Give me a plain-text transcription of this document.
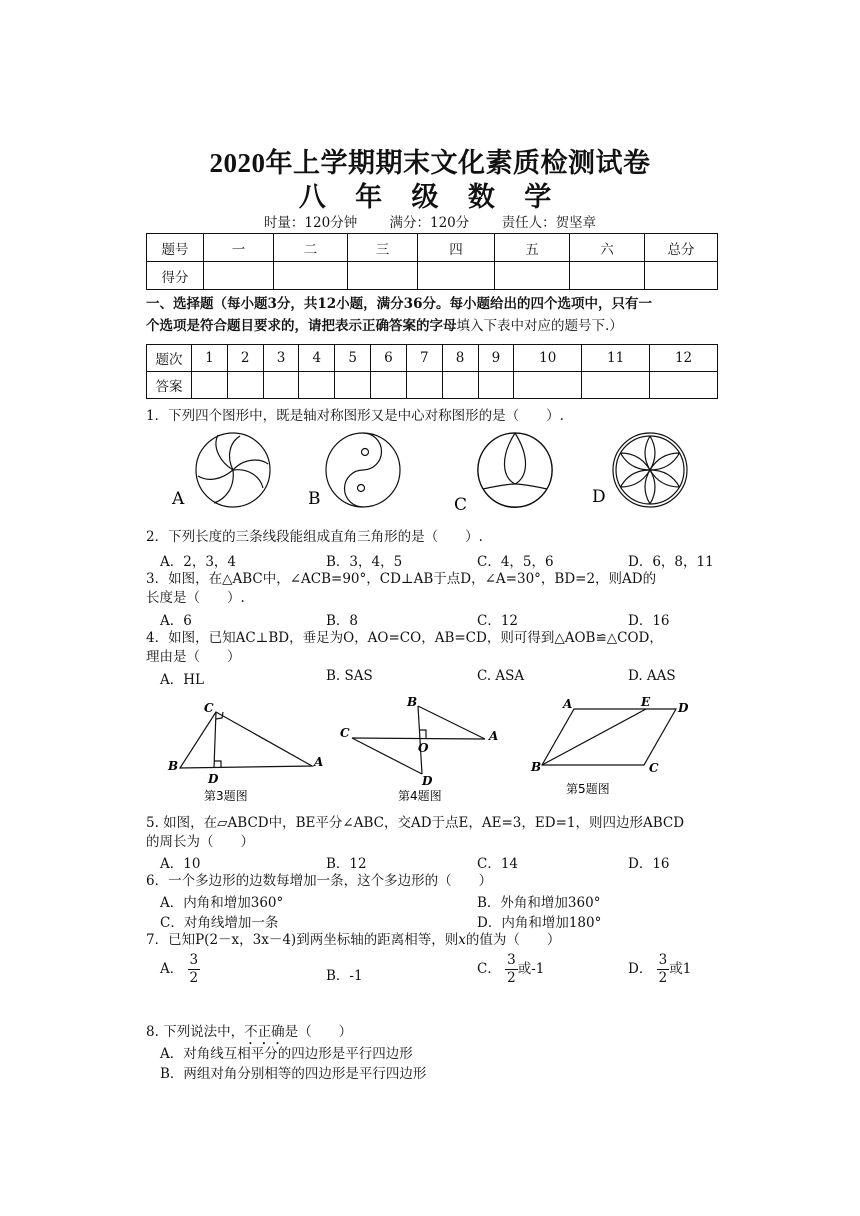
2020年上学期期末文化素质检测试卷
八 年 级 数 学
时量：120分钟 满分：120分 责任人：贺坚章
题号	一	二	三	四	五	六	总分
得分							
一、选择题（每小题3分，共12小题，满分36分。每小题给出的四个选项中，只有一
个选项是符合题目要求的，请把表示正确答案的字母填入下表中对应的题号下.）
题次	1	2	3	4	5	6	7	8	9	10	11	12
答案												
1．下列四个图形中，既是轴对称图形又是中心对称图形的是（　　）.
A	B	C	D
2．下列长度的三条线段能组成直角三角形的是（　　）.
A．2，3，4	B．3，4，5	C．4，5，6	D．6，8，11
3．如图，在△ABC中，∠ACB=90°，CD⊥AB于点D，∠A=30°，BD=2，则AD的
长度是（　　）.
A．6	B．8	C．12	D．16
4．如图，已知AC⊥BD，垂足为O，AO=CO，AB=CD，则可得到△AOB≌△COD，
理由是（　　）
A．HL	B. SAS	C. ASA	D. AAS
C
B
D
A
第3题图
B
C
O
A
D
第4题图
A	E D
B	C
第5题图
5. 如图，在▱ABCD中，BE平分∠ABC，交AD于点E，AE=3，ED=1，则四边形ABCD
的周长为（　　）
A．10	B．12	C．14	D．16
6．一个多边形的边数每增加一条，这个多边形的（　　）
A．内角和增加360°	B．外角和增加360°
C．对角线增加一条	D．内角和增加180°
7．已知P(2－x，3x－4)到两坐标轴的距离相等，则x的值为（　　）
A． $\frac{3}{2}$	B．-1	C． $\frac{3}{2}$ 或-1	D． $\frac{3}{2}$ 或1
8. 下列说法中，不正确是（　　）
A．对角线互相平分的四边形是平行四边形
B．两组对角分别相等的四边形是平行四边形
